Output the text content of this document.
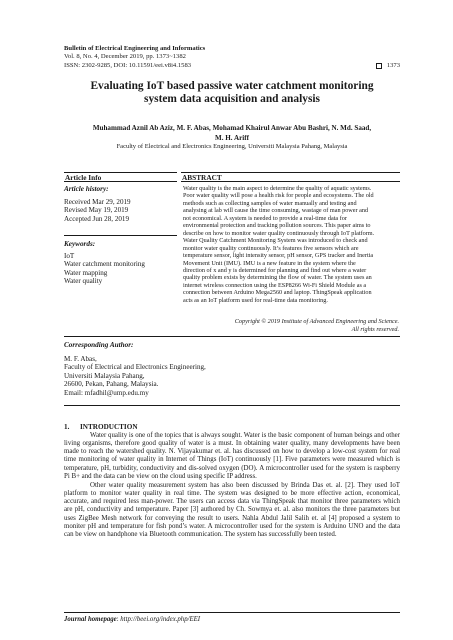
Bulletin of Electrical Engineering and Informatics
Vol. 8, No. 4, December 2019, pp. 1373~1382
ISSN: 2302-9285, DOI: 10.11591/eei.v8i4.1583	1373
Evaluating IoT based passive water catchment monitoring
system data acquisition and analysis
Muhammad Aznil Ab Aziz, M. F. Abas, Mohamad Khairul Anwar Abu Bashri, N. Md. Saad,
M. H. Ariff
Faculty of Electrical and Electronics Engineering, Universiti Malaysia Pahang, Malaysia
Article Info	ABSTRACT
Article history:
Received Mar 29, 2019
Revised May 19, 2019
Accepted Jun 28, 2019
Keywords:
IoT
Water catchment monitoring
Water mapping
Water quality
Water quality is the main aspect to determine the quality of aquatic systems.
Poor water quality will pose a health risk for people and ecosystems. The old
methods such as collecting samples of water manually and testing and
analysing at lab will cause the time consuming, wastage of man power and
not economical. A system is needed to provide a real-time data for
environmental protection and tracking pollution sources. This paper aims to
describe on how to monitor water quality continuously through IoT platform.
Water Quality Catchment Monitoring System was introduced to check and
monitor water quality continuously. It’s features five sensors which are
temperature sensor, light intensity sensor, pH sensor, GPS tracker and Inertia
Movement Unit (IMU). IMU is a new feature in the system where the
direction of x and y is determined for planning and find out where a water
quality problem exists by determining the flow of water. The system uses an
internet wireless connection using the ESP8266 Wi-Fi Shield Module as a
connection between Arduino Mega2560 and laptop. ThingSpeak application
acts as an IoT platform used for real-time data monitoring.
Copyright © 2019 Institute of Advanced Engineering and Science.
All rights reserved.
Corresponding Author:
M. F. Abas,
Faculty of Electrical and Electronics Engineering,
Universiti Malaysia Pahang,
26600, Pekan, Pahang, Malaysia.
Email: mfadhil@ump.edu.my
1. INTRODUCTION

Water quality is one of the topics that is always sought. Water is the basic component of human beings and other living organisms, therefore good quality of water is a must. In obtaining water quality, many developments have been made to reach the watershed quality. N. Vijayakumar et. al. has discussed on how to develop a low-cost system for real time monitoring of water quality in Internet of Things (IoT) continuously [1]. Five parameters were measured which is temperature, pH, turbidity, conductivity and dis-solved oxygen (DO). A microcontroller used for the system is raspberry Pi B+ and the data can be view on the cloud using specific IP address.

Other water quality measurement system has also been discussed by Brinda Das et. al. [2]. They used IoT platform to monitor water quality in real time. The system was designed to be more effective action, economical, accurate, and required less man-power. The users can access data via ThingSpeak that monitor three parameters which are pH, conductivity and temperature. Paper [3] authored by Ch. Sowmya et. al. also monitors the three parameters but uses ZigBee Mesh network for conveying the result to users. Nahla Abdul Jalil Salih et. al [4] proposed a system to moniter pH and temperature for fish pond’s water. A microcontroller used for the system is Arduino UNO and the data can be view on handphone via Bluetooth communication. The system has successfully been tested.

Journal homepage: http://beei.org/index.php/EEI
